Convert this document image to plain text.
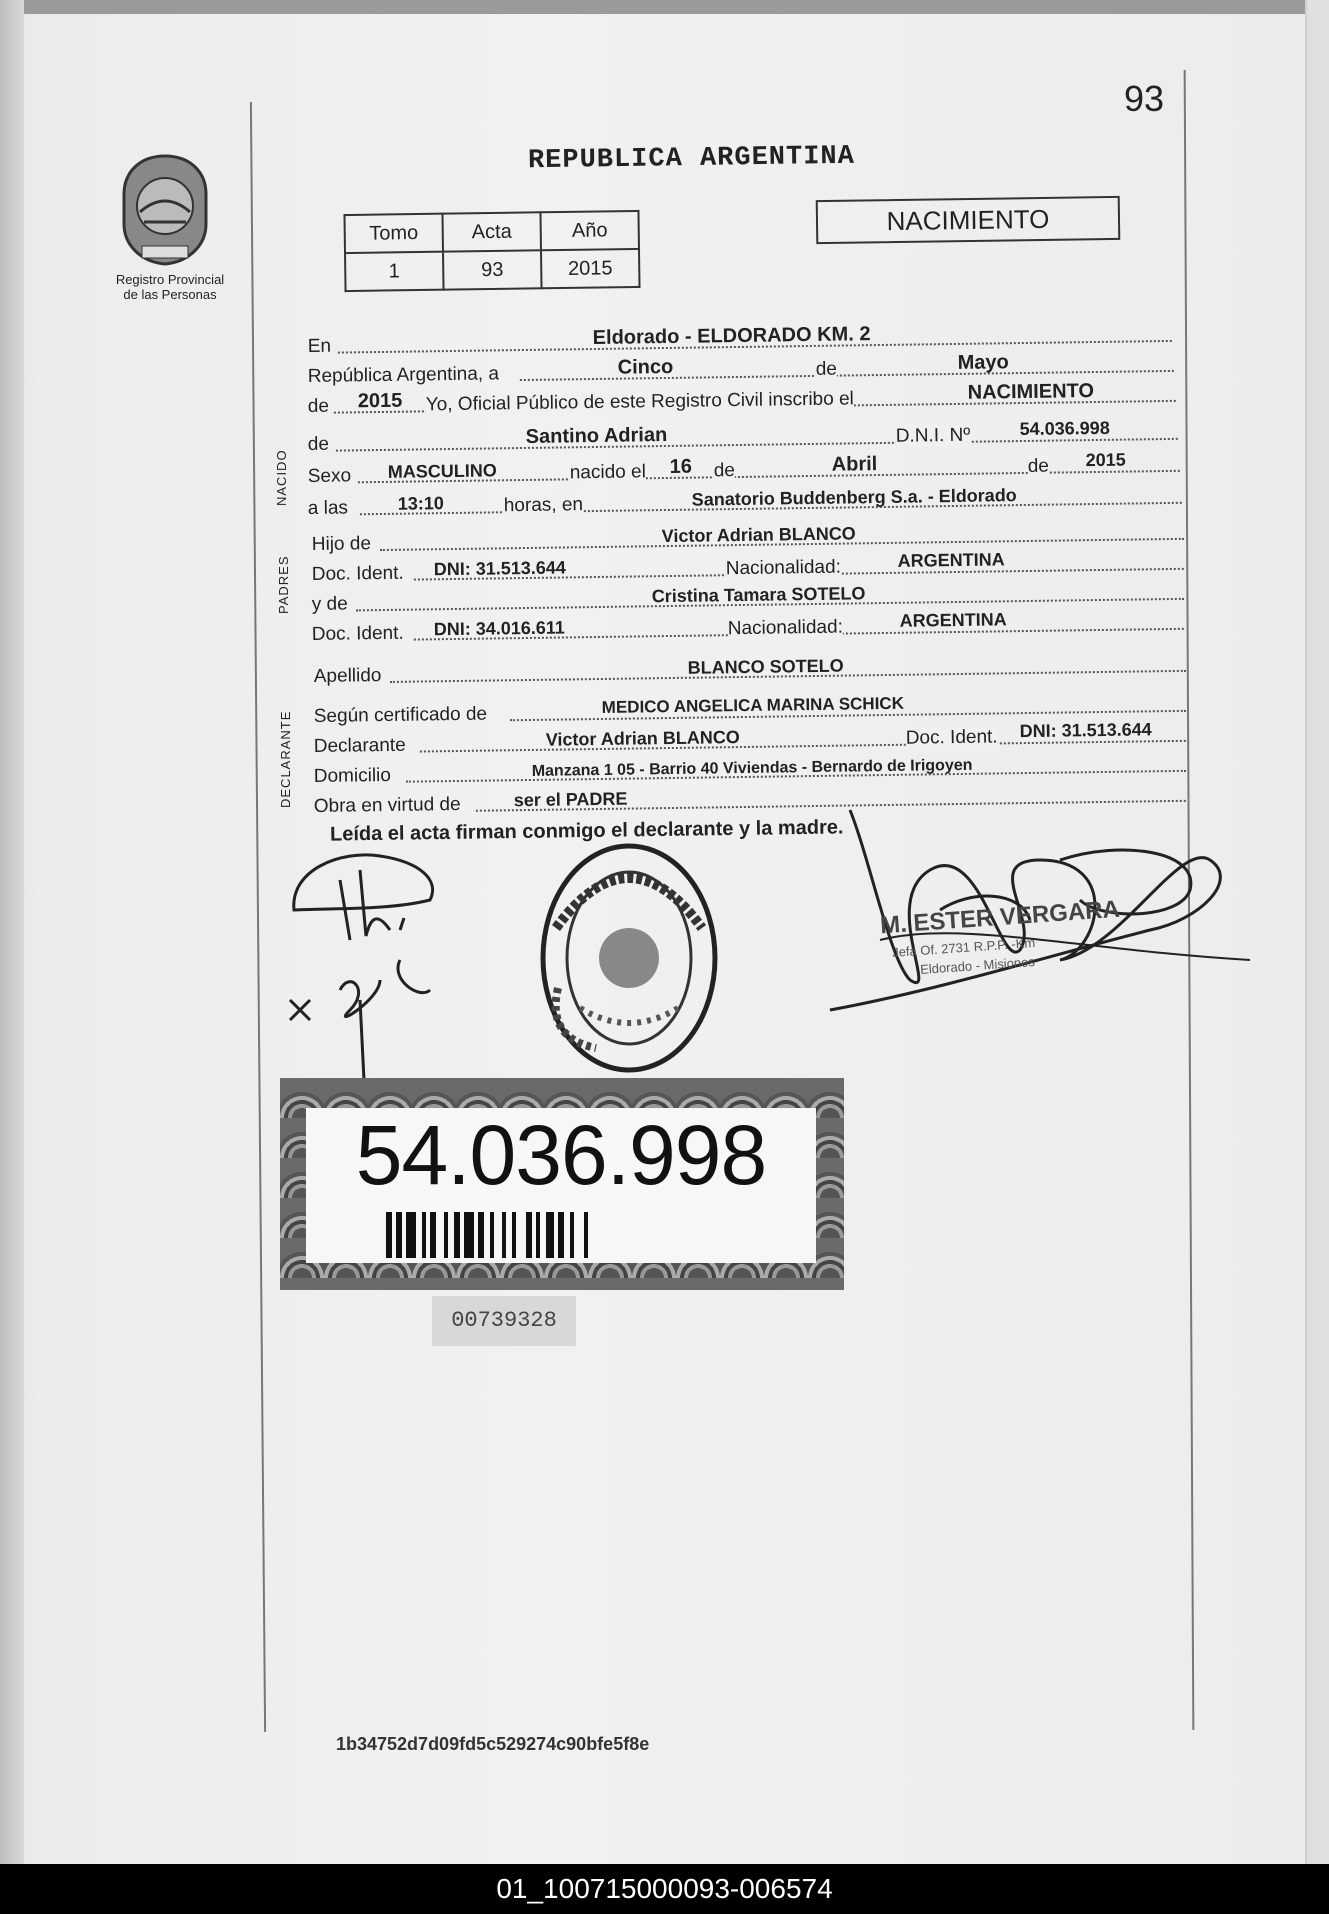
93
Registro Provincial
de las Personas
REPUBLICA ARGENTINA
Tomo	Acta	Año
1	93	2015
NACIMIENTO
En	Eldorado - ELDORADO KM. 2
República Argentina, a	Cinco	de	Mayo
de 2015 Yo, Oficial Público de este Registro Civil inscribo el	NACIMIENTO
NACIDO
de	Santino Adrian	D.N.I. Nº	54.036.998
Sexo MASCULINO	nacido el 16 de	Abril	de 2015
a las	13:10	horas, en	Sanatorio Buddenberg S.a. - Eldorado
PADRES
Hijo de	Victor Adrian BLANCO
Doc. Ident. DNI: 31.513.644	Nacionalidad:	ARGENTINA
y de	Cristina Tamara SOTELO
Doc. Ident. DNI: 34.016.611	Nacionalidad:	ARGENTINA
Apellido	BLANCO SOTELO
DECLARANTE Según certificado de	MEDICO ANGELICA MARINA SCHICK
Declarante	Victor Adrian BLANCO	Doc. Ident. DNI: 31.513.644
Domicilio	Manzana 1 05 - Barrio 40 Viviendas - Bernardo de Irigoyen
Obra en virtud de	ser el PADRE
Leída el acta firman conmigo el declarante y la madre.
M. ESTER VERGARA
Jefa Of. 2731 R.P.P. -Km
Eldorado - Misiones
54.036.998
00739328
1b34752d7d09fd5c529274c90bfe5f8e
01_100715000093-006574
